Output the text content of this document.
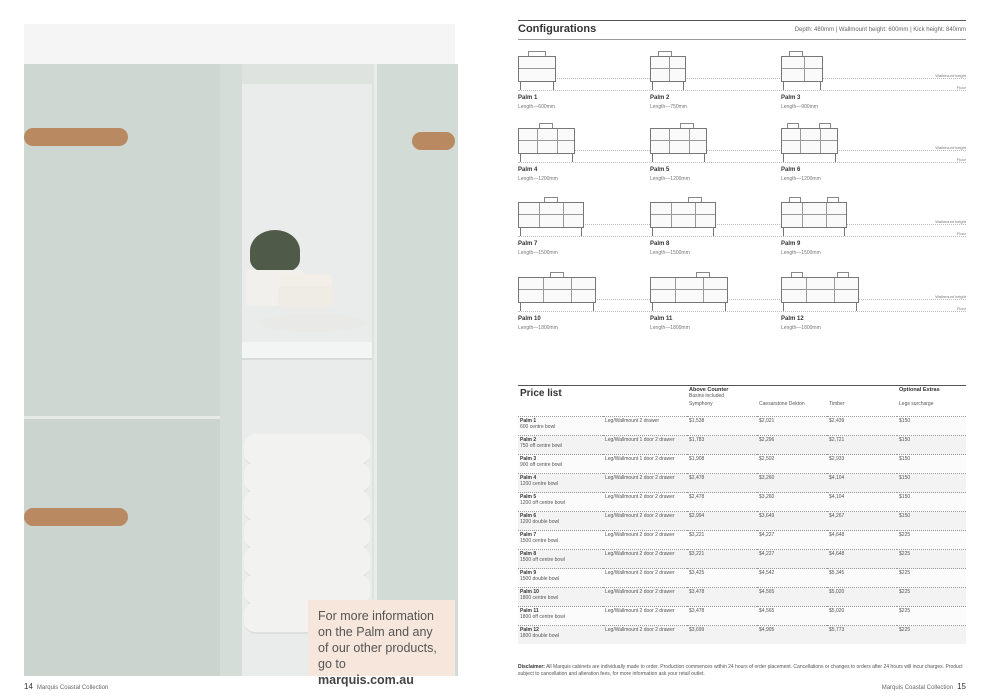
For more information on the Palm and any of our other products, go to marquis.com.au
14 Marquis Coastal Collection	Marquis Coastal Collection 15
Configurations	Depth: 480mm | Wallmount height: 600mm | Kick height: 840mm
Wallmount height
Floor
Wallmount height
Floor
Wallmount height
Floor
Wallmount height
Floor
Palm 1
Length—600mm
Palm 2
Length—750mm
Palm 3
Length—900mm
Palm 4
Length—1200mm
Palm 5
Length—1200mm
Palm 6
Length—1200mm
Palm 7
Length—1500mm
Palm 8
Length—1500mm
Palm 9
Length—1500mm
Palm 10
Length—1800mm
Palm 11
Length—1800mm
Palm 12
Length—1800mm
Price list		Above Counter
Basins included			Optional Extras

		Symphony	Caesarstone Dekton	Timber	Legs surcharge

Palm 1
600 centre bowl	Leg/Wallmount 2 drawer	$1,538	$2,021	$2,439	$150

Palm 2
750 off centre bowl	Leg/Wallmount 1 door 2 drawer	$1,783	$2,296	$2,721	$150

Palm 3
900 off centre bowl	Leg/Wallmount 1 door 2 drawer	$1,908	$2,502	$2,933	$150

Palm 4
1200 centre bowl	Leg/Wallmount 2 door 2 drawer	$2,478	$3,260	$4,104	$150

Palm 5
1200 off centre bowl	Leg/Wallmount 2 door 2 drawer	$2,478	$3,260	$4,104	$150

Palm 6
1200 double bowl	Leg/Wallmount 2 door 2 drawer	$2,994	$3,649	$4,267	$150

Palm 7
1500 centre bowl	Leg/Wallmount 2 door 2 drawer	$3,221	$4,227	$4,648	$225

Palm 8
1500 off centre bowl	Leg/Wallmount 2 door 2 drawer	$3,221	$4,227	$4,648	$225

Palm 9
1500 double bowl	Leg/Wallmount 2 door 2 drawer	$3,425	$4,542	$5,345	$225

Palm 10
1800 centre bowl	Leg/Wallmount 2 door 2 drawer	$3,478	$4,565	$5,020	$225

Palm 11
1800 off centre bowl	Leg/Wallmount 2 door 2 drawer	$3,478	$4,565	$5,020	$225

Palm 12
1800 double bowl	Leg/Wallmount 2 door 2 drawer	$3,699	$4,905	$5,773	$225
Disclaimer: All Marquis cabinets are individually made to order. Production commences within 24 hours of order placement. Cancellations or changes to orders after 24 hours will incur charges. Product subject to cancellation and alteration fees, for more information ask your retail outlet.
